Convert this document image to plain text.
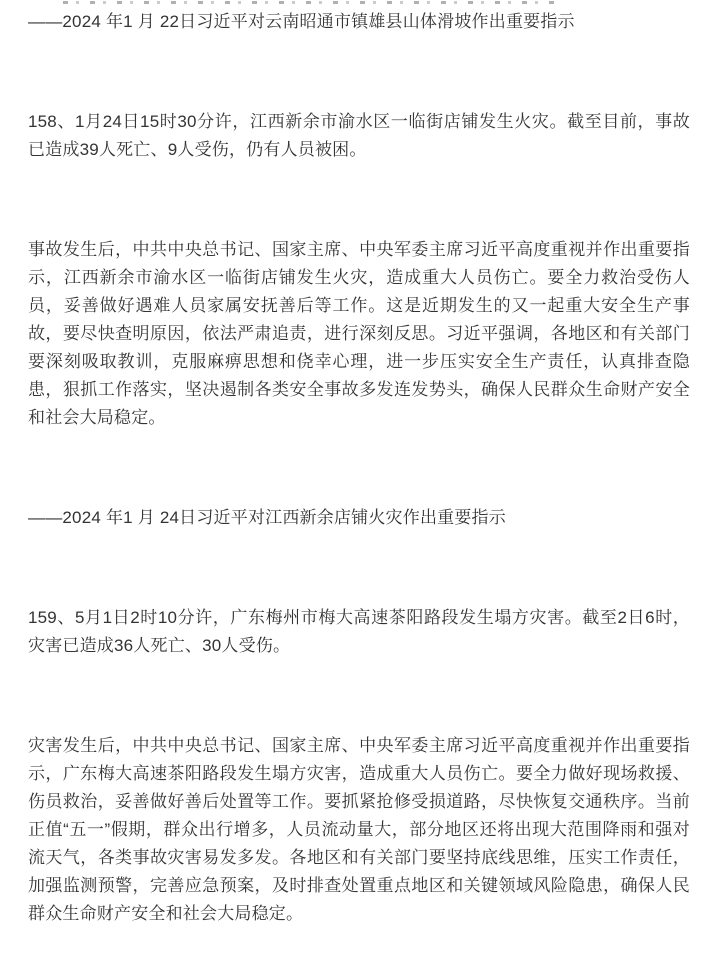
——2024 年1 月 22日习近平对云南昭通市镇雄县山体滑坡作出重要指示

158、1月24日15时30分许，江西新余市渝水区一临街店铺发生火灾。截至目前，事故已造成39人死亡、9人受伤，仍有人员被困。

事故发生后，中共中央总书记、国家主席、中央军委主席习近平高度重视并作出重要指示，江西新余市渝水区一临街店铺发生火灾，造成重大人员伤亡。要全力救治受伤人员，妥善做好遇难人员家属安抚善后等工作。这是近期发生的又一起重大安全生产事故，要尽快查明原因，依法严肃追责，进行深刻反思。习近平强调，各地区和有关部门要深刻吸取教训，克服麻痹思想和侥幸心理，进一步压实安全生产责任，认真排查隐患，狠抓工作落实，坚决遏制各类安全事故多发连发势头，确保人民群众生命财产安全和社会大局稳定。

——2024 年1 月 24日习近平对江西新余店铺火灾作出重要指示

159、5月1日2时10分许，广东梅州市梅大高速茶阳路段发生塌方灾害。截至2日6时，灾害已造成36人死亡、30人受伤。

灾害发生后，中共中央总书记、国家主席、中央军委主席习近平高度重视并作出重要指示，广东梅大高速茶阳路段发生塌方灾害，造成重大人员伤亡。要全力做好现场救援、伤员救治，妥善做好善后处置等工作。要抓紧抢修受损道路，尽快恢复交通秩序。当前正值“五一”假期，群众出行增多，人员流动量大，部分地区还将出现大范围降雨和强对流天气，各类事故灾害易发多发。各地区和有关部门要坚持底线思维，压实工作责任，加强监测预警，完善应急预案，及时排查处置重点地区和关键领域风险隐患，确保人民群众生命财产安全和社会大局稳定。
